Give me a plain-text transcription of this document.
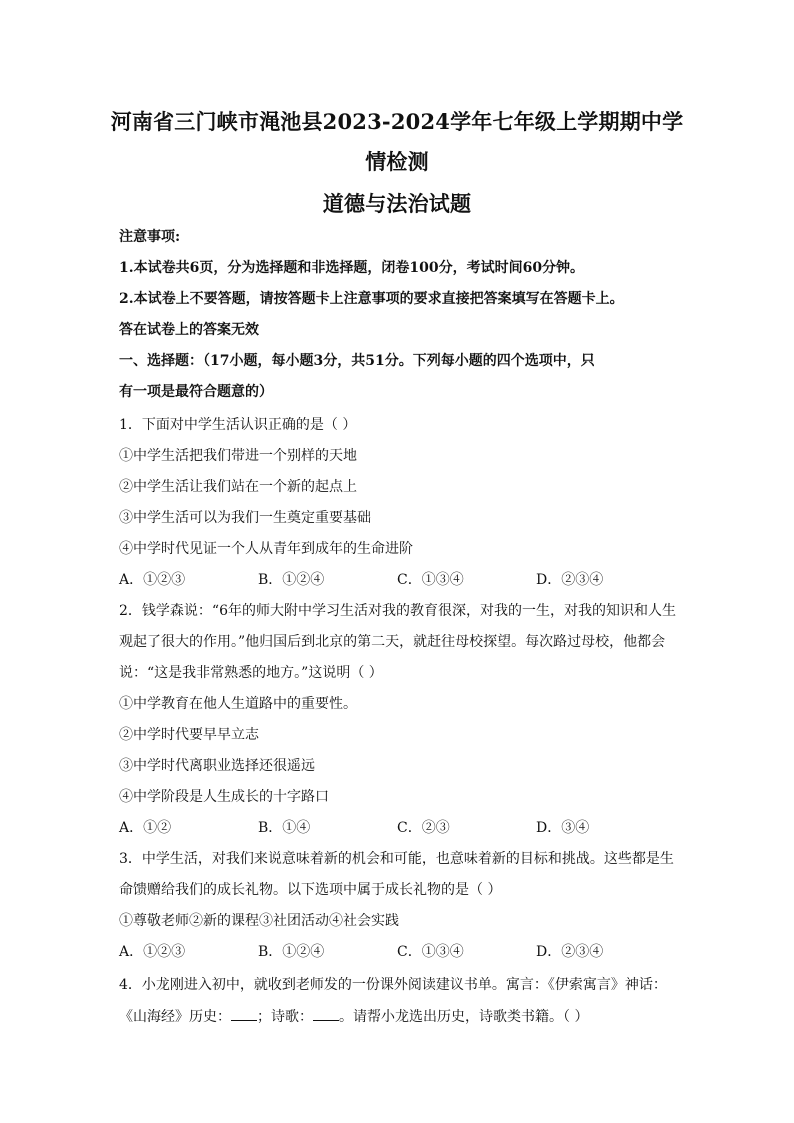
河南省三门峡市渑池县2023-2024学年七年级上学期期中学
情检测
道德与法治试题
注意事项:
1.本试卷共6页，分为选择题和非选择题，闭卷100分，考试时间60分钟。
2.本试卷上不要答题，请按答题卡上注意事项的要求直接把答案填写在答题卡上。
答在试卷上的答案无效
一、选择题：（17小题，每小题3分，共51分。下列每小题的四个选项中，只
有一项是最符合题意的）
1．下面对中学生活认识正确的是（ ）
①中学生活把我们带进一个别样的天地
②中学生活让我们站在一个新的起点上
③中学生活可以为我们一生奠定重要基础
④中学时代见证一个人从青年到成年的生命进阶
A．①②③	B．①②④	C．①③④	D．②③④
2．钱学森说：“6年的师大附中学习生活对我的教育很深，对我的一生，对我的知识和人生
观起了很大的作用。”他归国后到北京的第二天，就赶往母校探望。每次路过母校，他都会
说：“这是我非常熟悉的地方。”这说明（ ）
①中学教育在他人生道路中的重要性。
②中学时代要早早立志
③中学时代离职业选择还很遥远
④中学阶段是人生成长的十字路口
A．①②	B．①④	C．②③	D．③④
3．中学生活，对我们来说意味着新的机会和可能，也意味着新的目标和挑战。这些都是生
命馈赠给我们的成长礼物。以下选项中属于成长礼物的是（ ）
①尊敬老师②新的课程③社团活动④社会实践
A．①②③	B．①②④	C．①③④	D．②③④
4．小龙刚进入初中，就收到老师发的一份课外阅读建议书单。寓言：《伊索寓言》神话：
《山海经》历史： ；诗歌： 。请帮小龙选出历史，诗歌类书籍。（ ）
